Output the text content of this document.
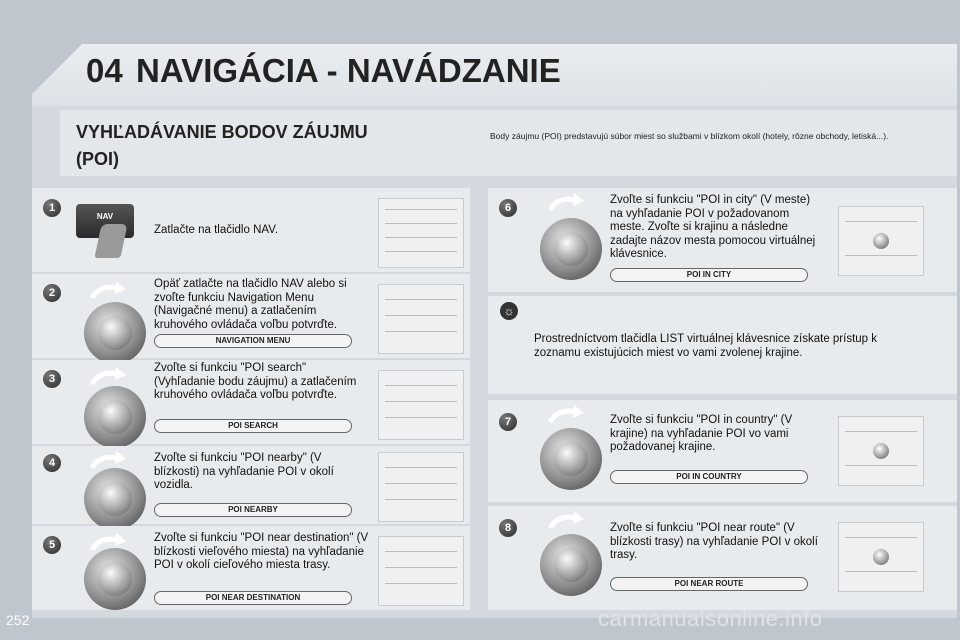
04 NAVIGÁCIA - NAVÁDZANIE
VYHĽADÁVANIE BODOV ZÁUJMU (POI)
Body záujmu (POI) predstavujú súbor miest so službami v blízkom okolí (hotely, rôzne obchody, letiská...).
1
NAV
Zatlačte na tlačidlo NAV.
2
Opäť zatlačte na tlačidlo NAV alebo si zvoľte funkciu Navigation Menu (Navigačné menu) a zatlačením kruhového ovládača voľbu potvrďte.
NAVIGATION MENU
3
Zvoľte si funkciu "POI search" (Vyhľadanie bodu záujmu) a zatlačením kruhového ovládača voľbu potvrďte.
POI SEARCH
4	Zvoľte si funkciu "POI nearby" (V blízkosti) na vyhľadanie POI v okolí vozidla.
POI NEARBY
5
Zvoľte si funkciu "POI near destination" (V blízkosti vieľového miesta) na vyhľadanie POI v okolí cieľového miesta trasy.
POI NEAR DESTINATION
6
Zvoľte si funkciu "POI in city" (V meste) na vyhľadanie POI v požadovanom meste. Zvoľte si krajinu a následne zadajte názov mesta pomocou virtuálnej klávesnice.
POI IN CITY
☼
Prostredníctvom tlačidla LIST virtuálnej klávesnice získate prístup k zoznamu existujúcich miest vo vami zvolenej krajine.
7	Zvoľte si funkciu "POI in country" (V krajine) na vyhľadanie POI vo vami požadovanej krajine.
POI IN COUNTRY
8	Zvoľte si funkciu "POI near route" (V blízkosti trasy) na vyhľadanie POI v okolí trasy.
POI NEAR ROUTE
252	carmanualsonline.info
